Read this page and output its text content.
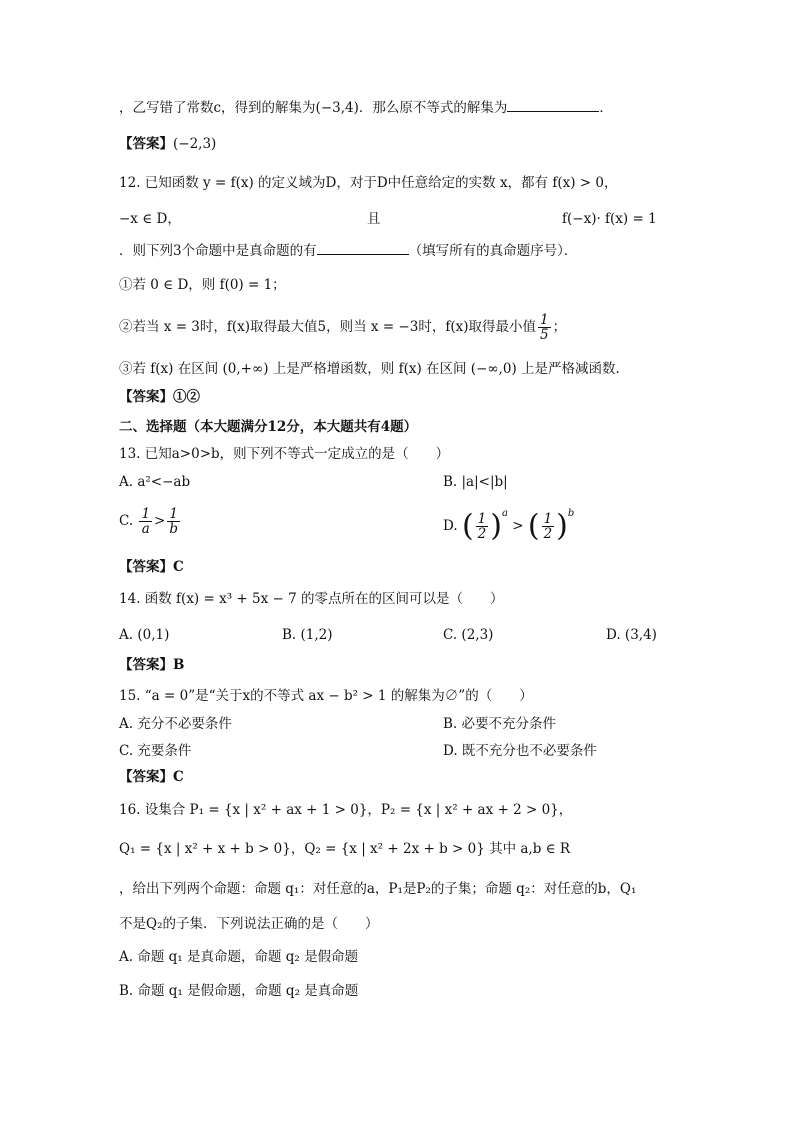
，乙写错了常数c，得到的解集为(−3,4)．那么原不等式的解集为	．
【答案】(−2,3)
12. 已知函数 y = f(x) 的定义域为D，对于D中任意给定的实数 x，都有 f(x) > 0，
−x ∈ D，	且	f(−x)· f(x) = 1
．则下列3个命题中是真命题的有	（填写所有的真命题序号）．
①若 0 ∈ D，则 f(0) = 1；
②若当 x = 3时，f(x)取得最大值5，则当 x = −3时，f(x)取得最小值 $\frac{1}{5}$ ；
③若 f(x) 在区间 (0,+∞) 上是严格增函数，则 f(x) 在区间 (−∞,0) 上是严格减函数．
【答案】①②
二、选择题（本大题满分12分，本大题共有4题）
13. 已知a>0>b，则下列不等式一定成立的是（　　）
A. a²<−ab	B. |a|<|b|
C. $\frac{1}{a} > \frac{1}{b}$	D. ( $\frac{1}{2} )^a$ > ( $\frac{1}{2} )^b$
【答案】C
14. 函数 f(x) = x³ + 5x − 7 的零点所在的区间可以是（　　）
A. (0,1)	B. (1,2)	C. (2,3)	D. (3,4)
【答案】B
15. “a = 0”是“关于x的不等式 ax − b² > 1 的解集为∅”的（　　）
A. 充分不必要条件	B. 必要不充分条件
C. 充要条件	D. 既不充分也不必要条件
【答案】C
16. 设集合 P₁ = {x | x² + ax + 1 > 0}，P₂ = {x | x² + ax + 2 > 0}，
Q₁ = {x | x² + x + b > 0}，Q₂ = {x | x² + 2x + b > 0} 其中 a,b ∈ R
，给出下列两个命题：命题 q₁：对任意的a，P₁是P₂的子集；命题 q₂：对任意的b，Q₁
不是Q₂的子集．下列说法正确的是（　　）
A. 命题 q₁ 是真命题，命题 q₂ 是假命题
B. 命题 q₁ 是假命题，命题 q₂ 是真命题
